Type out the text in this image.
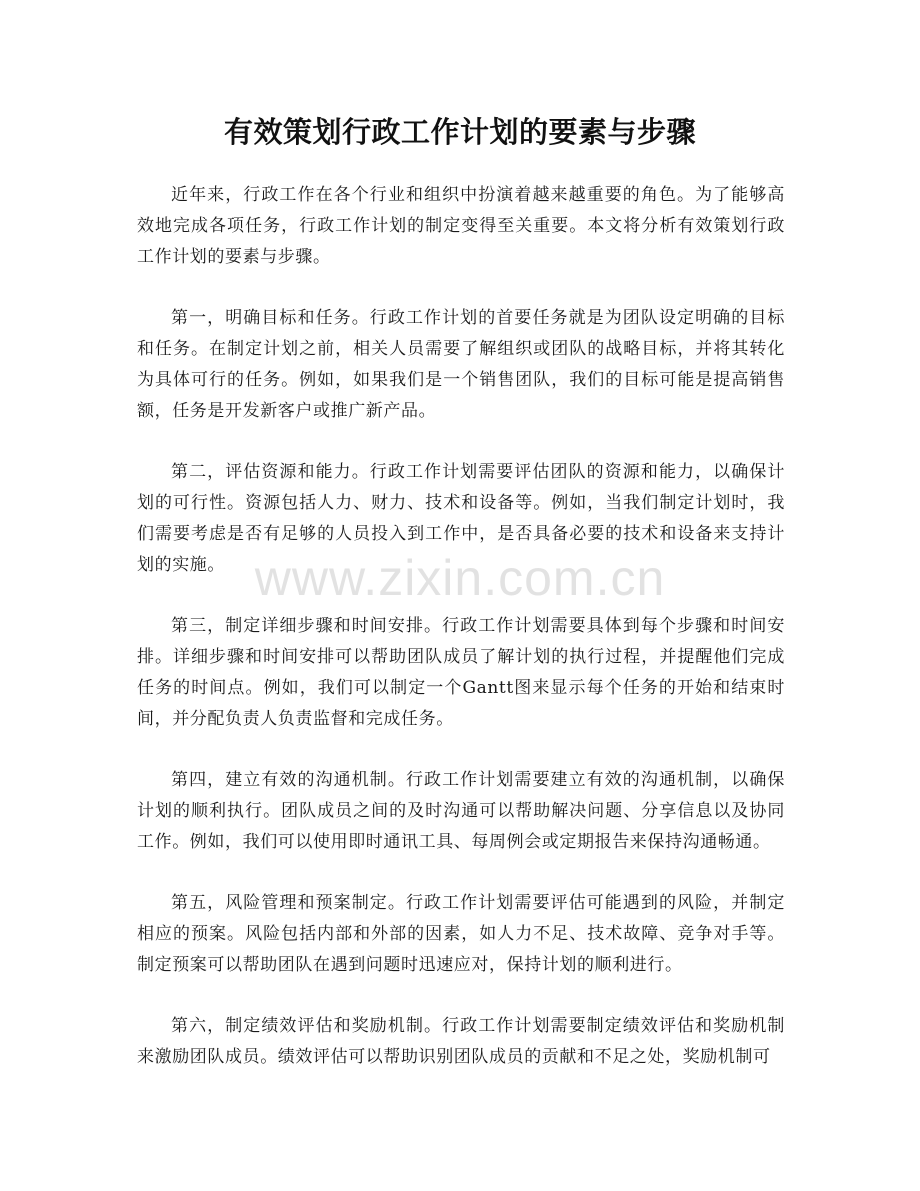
有效策划行政工作计划的要素与步骤

近年来，行政工作在各个行业和组织中扮演着越来越重要的角色。为了能够高效地完成各项任务，行政工作计划的制定变得至关重要。本文将分析有效策划行政工作计划的要素与步骤。

第一，明确目标和任务。行政工作计划的首要任务就是为团队设定明确的目标和任务。在制定计划之前，相关人员需要了解组织或团队的战略目标，并将其转化为具体可行的任务。例如，如果我们是一个销售团队，我们的目标可能是提高销售额，任务是开发新客户或推广新产品。

第二，评估资源和能力。行政工作计划需要评估团队的资源和能力，以确保计划的可行性。资源包括人力、财力、技术和设备等。例如，当我们制定计划时，我们需要考虑是否有足够的人员投入到工作中，是否具备必要的技术和设备来支持计划的实施。

第三，制定详细步骤和时间安排。行政工作计划需要具体到每个步骤和时间安排。详细步骤和时间安排可以帮助团队成员了解计划的执行过程，并提醒他们完成任务的时间点。例如，我们可以制定一个Gantt图来显示每个任务的开始和结束时间，并分配负责人负责监督和完成任务。

第四，建立有效的沟通机制。行政工作计划需要建立有效的沟通机制，以确保计划的顺利执行。团队成员之间的及时沟通可以帮助解决问题、分享信息以及协同工作。例如，我们可以使用即时通讯工具、每周例会或定期报告来保持沟通畅通。

第五，风险管理和预案制定。行政工作计划需要评估可能遇到的风险，并制定相应的预案。风险包括内部和外部的因素，如人力不足、技术故障、竞争对手等。制定预案可以帮助团队在遇到问题时迅速应对，保持计划的顺利进行。

第六，制定绩效评估和奖励机制。行政工作计划需要制定绩效评估和奖励机制来激励团队成员。绩效评估可以帮助识别团队成员的贡献和不足之处，奖励机制可

www.zixin.com.cn
